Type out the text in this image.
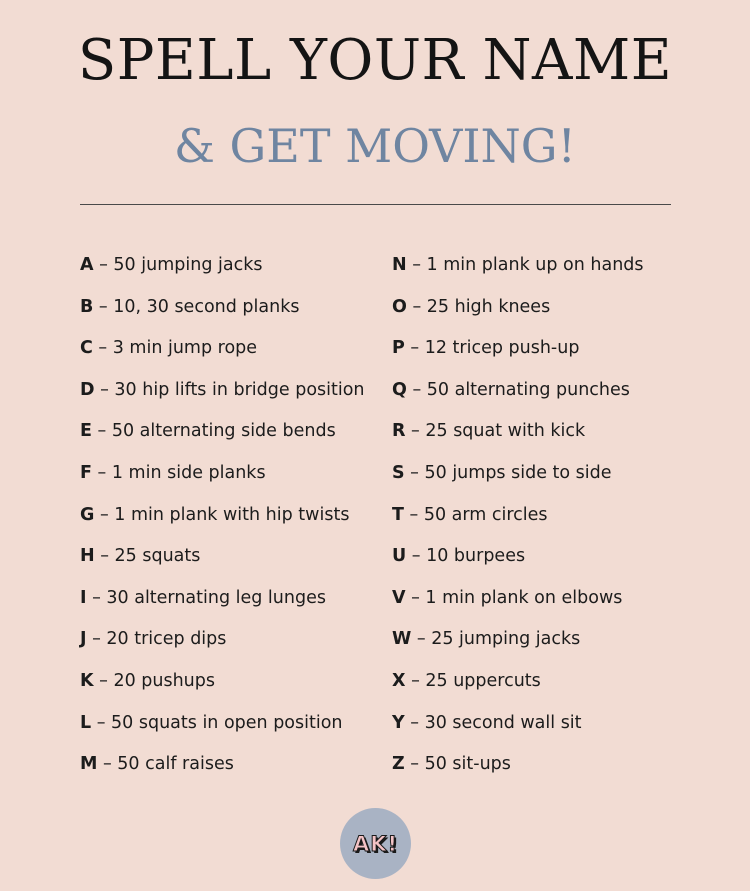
SPELL YOUR NAME
& GET MOVING!
A – 50 jumping jacks
B – 10, 30 second planks
C – 3 min jump rope
D – 30 hip lifts in bridge position
E – 50 alternating side bends
F – 1 min side planks
G – 1 min plank with hip twists
H – 25 squats
I – 30 alternating leg lunges
J – 20 tricep dips
K – 20 pushups
L – 50 squats in open position
M – 50 calf raises
N – 1 min plank up on hands
O – 25 high knees
P – 12 tricep push-up
Q – 50 alternating punches
R – 25 squat with kick
S – 50 jumps side to side
T – 50 arm circles
U – 10 burpees
V – 1 min plank on elbows
W – 25 jumping jacks
X – 25 uppercuts
Y – 30 second wall sit
Z – 50 sit-ups
AK!
